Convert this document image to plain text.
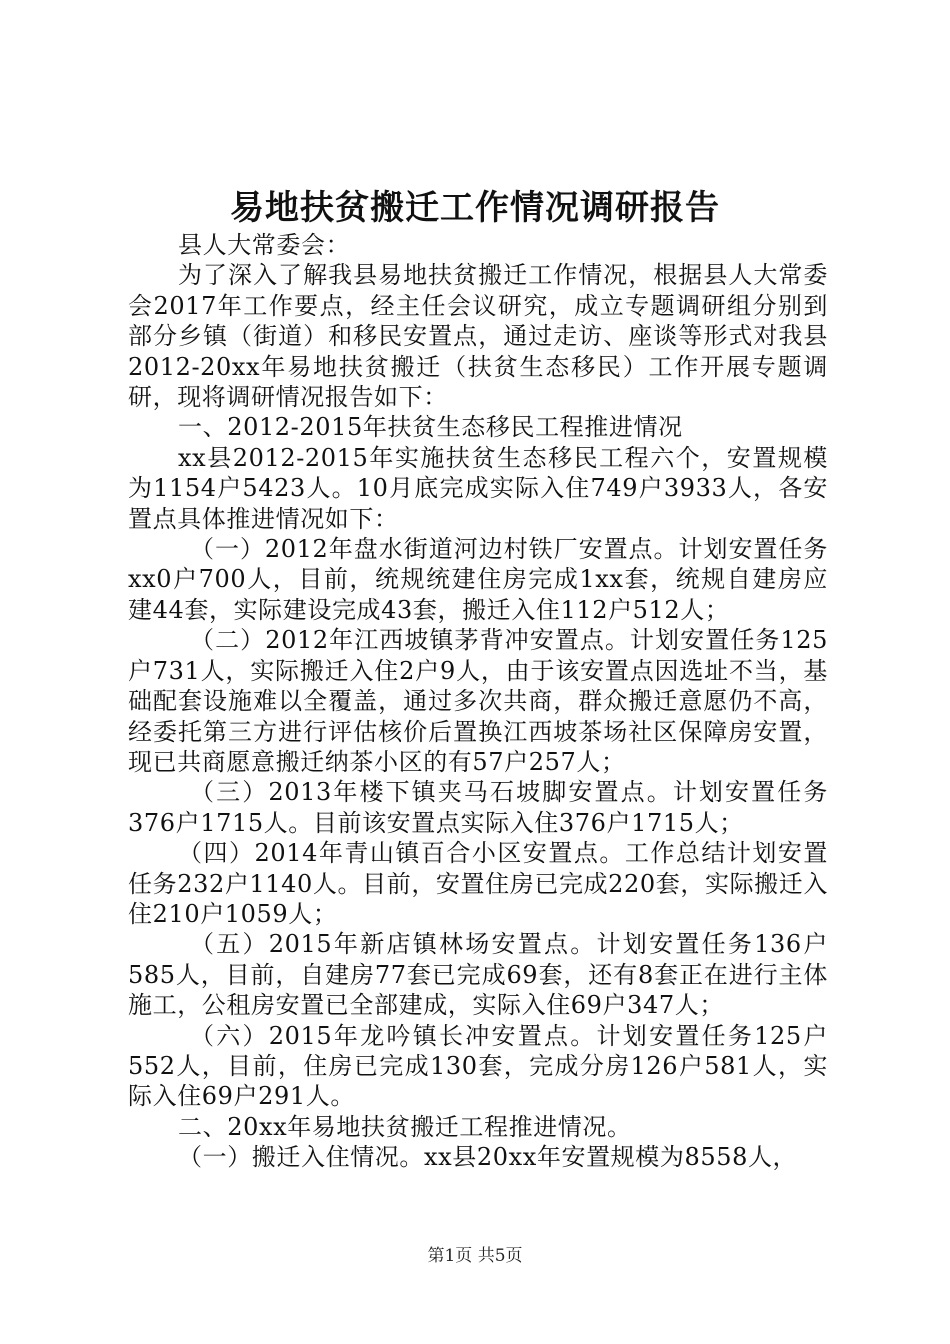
易地扶贫搬迁工作情况调研报告

县人大常委会：

为了深入了解我县易地扶贫搬迁工作情况，根据县人大常委会2017年工作要点，经主任会议研究，成立专题调研组分别到部分乡镇（街道）和移民安置点，通过走访、座谈等形式对我县2012-20xx年易地扶贫搬迁（扶贫生态移民）工作开展专题调研，现将调研情况报告如下：

一、2012-2015年扶贫生态移民工程推进情况

xx县2012-2015年实施扶贫生态移民工程六个，安置规模为1154户5423人。10月底完成实际入住749户3933人，各安置点具体推进情况如下：

（一）2012年盘水街道河边村铁厂安置点。计划安置任务xx0户700人，目前，统规统建住房完成1xx套，统规自建房应建44套，实际建设完成43套，搬迁入住112户512人；

（二）2012年江西坡镇茅背冲安置点。计划安置任务125户731人，实际搬迁入住2户9人，由于该安置点因选址不当，基础配套设施难以全覆盖，通过多次共商，群众搬迁意愿仍不高，经委托第三方进行评估核价后置换江西坡茶场社区保障房安置，现已共商愿意搬迁纳茶小区的有57户257人；

（三）2013年楼下镇夹马石坡脚安置点。计划安置任务376户1715人。目前该安置点实际入住376户1715人；

（四）2014年青山镇百合小区安置点。工作总结计划安置任务232户1140人。目前，安置住房已完成220套，实际搬迁入住210户1059人；

（五）2015年新店镇林场安置点。计划安置任务136户585人，目前，自建房77套已完成69套，还有8套正在进行主体施工，公租房安置已全部建成，实际入住69户347人；

（六）2015年龙吟镇长冲安置点。计划安置任务125户552人，目前，住房已完成130套，完成分房126户581人，实际入住69户291人。

二、20xx年易地扶贫搬迁工程推进情况。

（一）搬迁入住情况。xx县20xx年安置规模为8558人，

第1页 共5页
